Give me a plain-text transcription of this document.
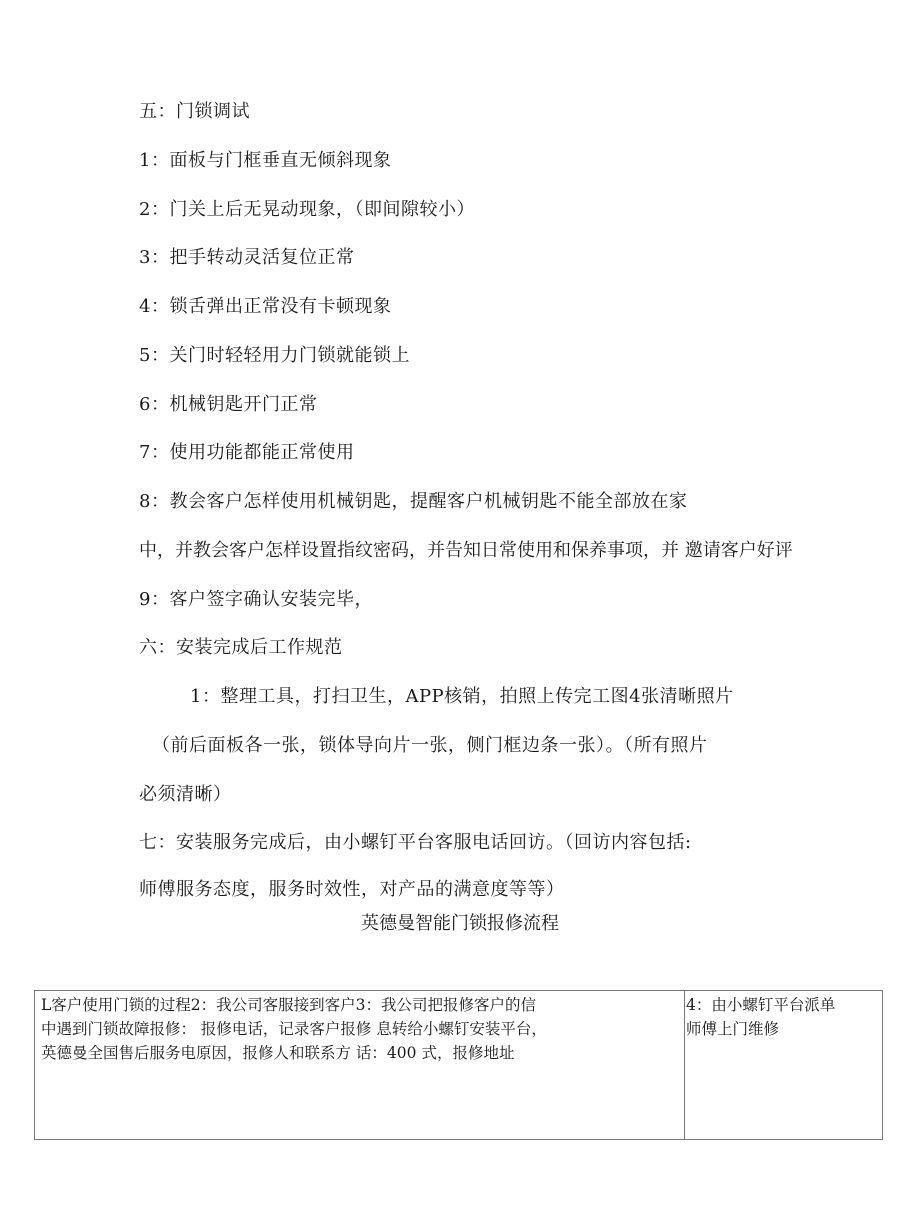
五：门锁调试
1：面板与门框垂直无倾斜现象
2：门关上后无晃动现象，（即间隙较小）
3：把手转动灵活复位正常
4：锁舌弹出正常没有卡顿现象
5：关门时轻轻用力门锁就能锁上
6：机械钥匙开门正常
7：使用功能都能正常使用
8：教会客户怎样使用机械钥匙，提醒客户机械钥匙不能全部放在家
中，并教会客户怎样设置指纹密码，并告知日常使用和保养事项，并 邀请客户好评
9：客户签字确认安装完毕，
六：安装完成后工作规范
1：整理工具，打扫卫生，APP核销，拍照上传完工图4张清晰照片
（前后面板各一张，锁体导向片一张，侧门框边条一张）。（所有照片
必须清晰）
七：安装服务完成后，由小螺钉平台客服电话回访。（回访内容包括:
师傅服务态度，服务时效性，对产品的满意度等等）
英德曼智能门锁报修流程
L客户使用门锁的过程2：我公司客服接到客户3：我公司把报修客户的信
中遇到门锁故障报修： 报修电话，记录客户报修 息转给小螺钉安装平台，
英德曼全国售后服务电原因，报修人和联系方 话：400 式，报修地址
4：由小螺钉平台派单
师傅上门维修
